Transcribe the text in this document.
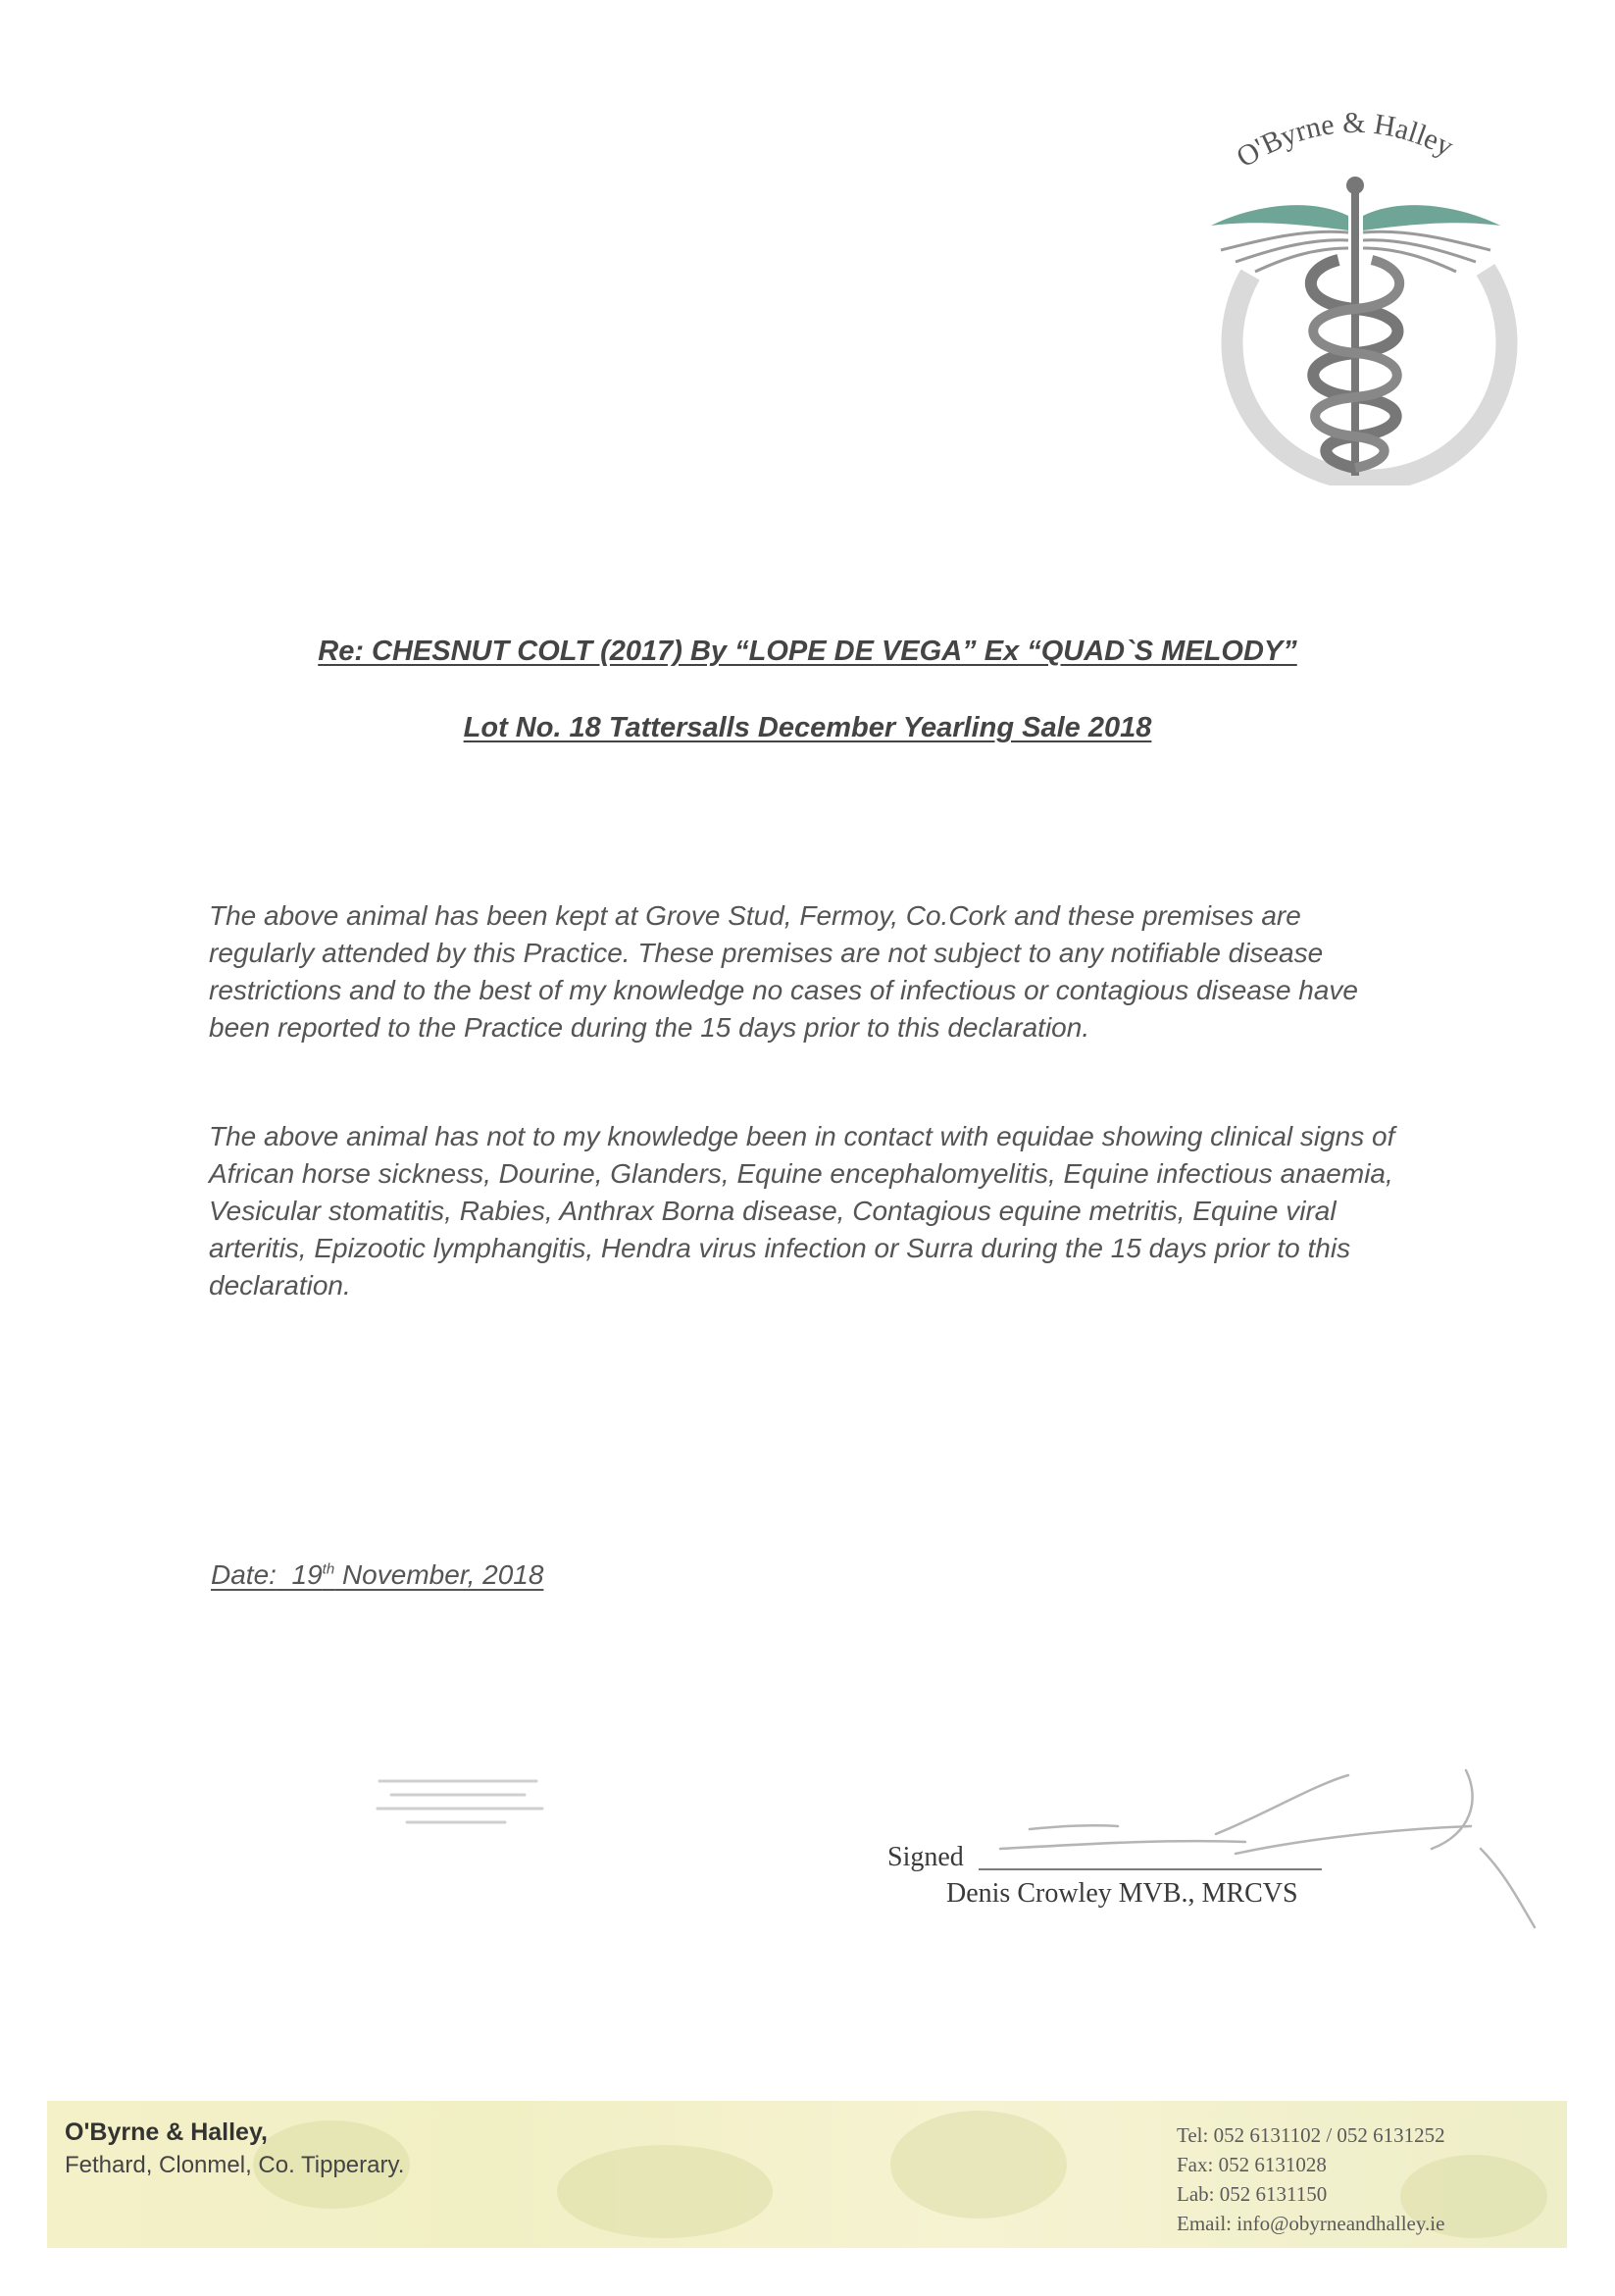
O'Byrne & Halley
Re: CHESNUT COLT (2017) By “LOPE DE VEGA” Ex “QUAD`S MELODY”
Lot No. 18 Tattersalls December Yearling Sale 2018
The above animal has been kept at Grove Stud, Fermoy, Co.Cork and these premises are regularly attended by this Practice. These premises are not subject to any notifiable disease restrictions and to the best of my knowledge no cases of infectious or contagious disease have been reported to the Practice during the 15 days prior to this declaration.
The above animal has not to my knowledge been in contact with equidae showing clinical signs of African horse sickness, Dourine, Glanders, Equine encephalomyelitis, Equine infectious anaemia, Vesicular stomatitis, Rabies, Anthrax Borna disease, Contagious equine metritis, Equine viral arteritis, Epizootic lymphangitis, Hendra virus infection or Surra during the 15 days prior to this declaration.
Date: 19th November, 2018
Signed
Denis Crowley MVB., MRCVS
O'Byrne & Halley,
Fethard, Clonmel, Co. Tipperary.
Tel: 052 6131102 / 052 6131252
Fax: 052 6131028
Lab: 052 6131150
Email: info@obyrneandhalley.ie
